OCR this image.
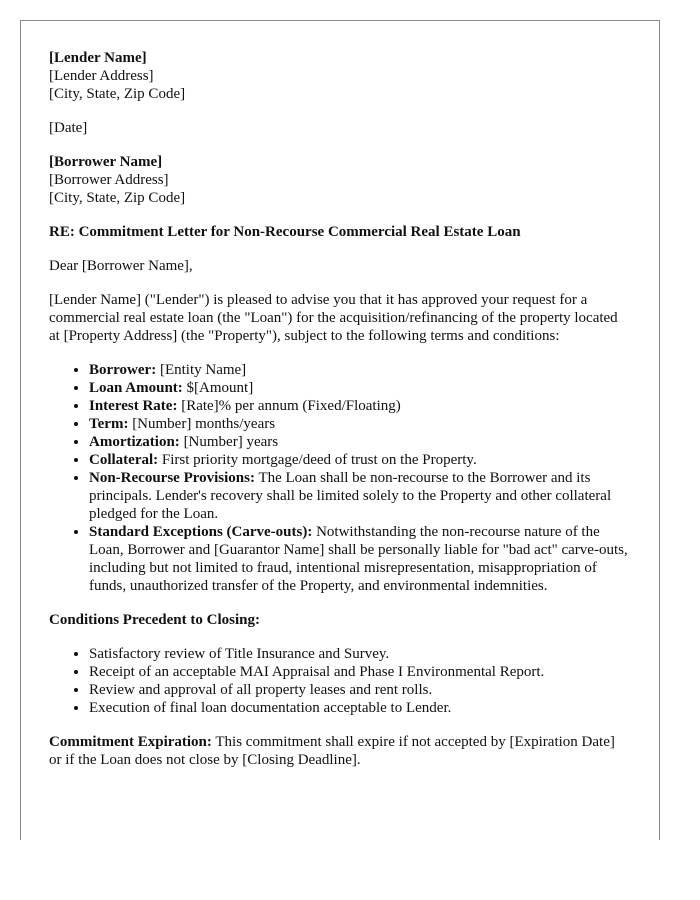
[Lender Name]
[Lender Address]
[City, State, Zip Code]

[Date]

[Borrower Name]
[Borrower Address]
[City, State, Zip Code]

RE: Commitment Letter for Non-Recourse Commercial Real Estate Loan

Dear [Borrower Name],

[Lender Name] ("Lender") is pleased to advise you that it has approved your request for a commercial real estate loan (the "Loan") for the acquisition/refinancing of the property located at [Property Address] (the "Property"), subject to the following terms and conditions:

• Borrower: [Entity Name]
• Loan Amount: $[Amount]
• Interest Rate: [Rate]% per annum (Fixed/Floating)
• Term: [Number] months/years
• Amortization: [Number] years
• Collateral: First priority mortgage/deed of trust on the Property.
• Non-Recourse Provisions: The Loan shall be non-recourse to the Borrower and its principals. Lender's recovery shall be limited solely to the Property and other collateral pledged for the Loan.
• Standard Exceptions (Carve-outs): Notwithstanding the non-recourse nature of the Loan, Borrower and [Guarantor Name] shall be personally liable for "bad act" carve-outs, including but not limited to fraud, intentional misrepresentation, misappropriation of funds, unauthorized transfer of the Property, and environmental indemnities.

Conditions Precedent to Closing:

• Satisfactory review of Title Insurance and Survey.
• Receipt of an acceptable MAI Appraisal and Phase I Environmental Report.
• Review and approval of all property leases and rent rolls.
• Execution of final loan documentation acceptable to Lender.

Commitment Expiration: This commitment shall expire if not accepted by [Expiration Date] or if the Loan does not close by [Closing Deadline].
